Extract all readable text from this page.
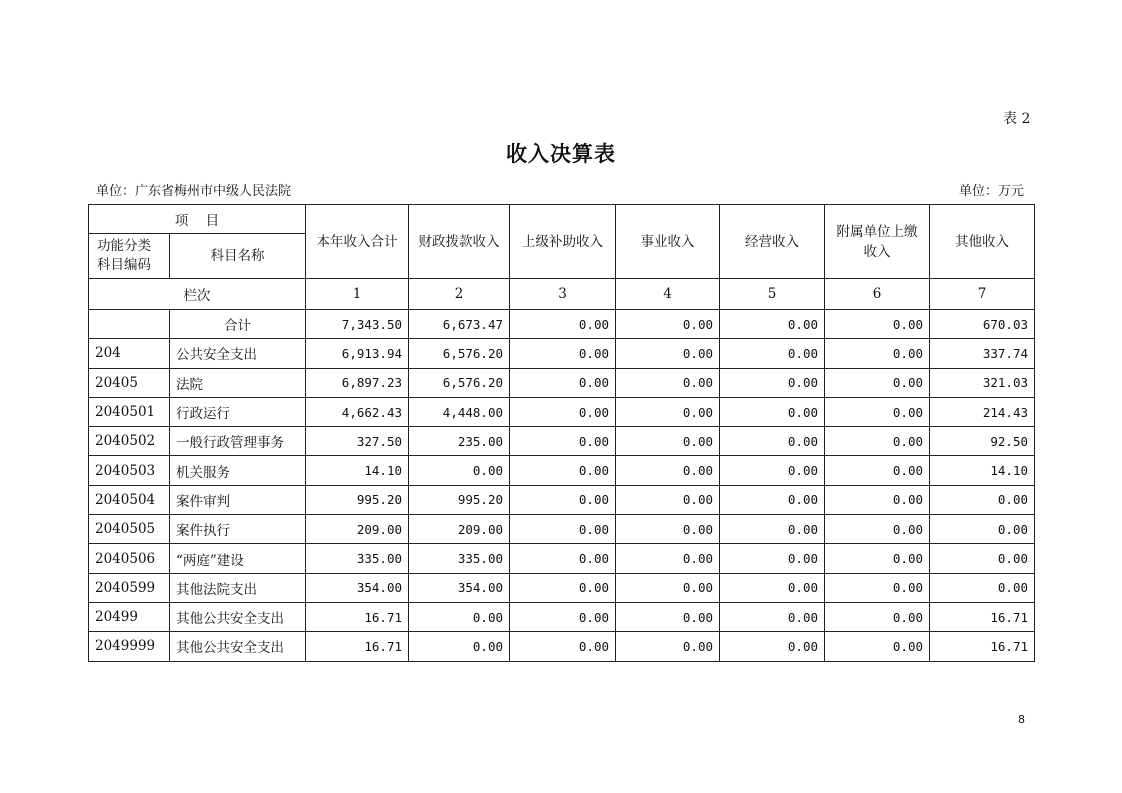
表 2
收入决算表
单位：广东省梅州市中级人民法院	单位：万元
项    目		本年收入合计	财政拨款收入	上级补助收入	事业收入	经营收入	附属单位上缴收入	其他收入
功能分类 科目编码	科目名称							
栏次		1	2	3	4	5	6	7
	合计	7,343.50	6,673.47	0.00	0.00	0.00	0.00	670.03
204	公共安全支出	6,913.94	6,576.20	0.00	0.00	0.00	0.00	337.74
20405	法院	6,897.23	6,576.20	0.00	0.00	0.00	0.00	321.03
2040501	行政运行	4,662.43	4,448.00	0.00	0.00	0.00	0.00	214.43
2040502	一般行政管理事务	327.50	235.00	0.00	0.00	0.00	0.00	92.50
2040503	机关服务	14.10	0.00	0.00	0.00	0.00	0.00	14.10
2040504	案件审判	995.20	995.20	0.00	0.00	0.00	0.00	0.00
2040505	案件执行	209.00	209.00	0.00	0.00	0.00	0.00	0.00
2040506	“两庭”建设	335.00	335.00	0.00	0.00	0.00	0.00	0.00
2040599	其他法院支出	354.00	354.00	0.00	0.00	0.00	0.00	0.00
20499	其他公共安全支出	16.71	0.00	0.00	0.00	0.00	0.00	16.71
2049999	其他公共安全支出	16.71	0.00	0.00	0.00	0.00	0.00	16.71
8
